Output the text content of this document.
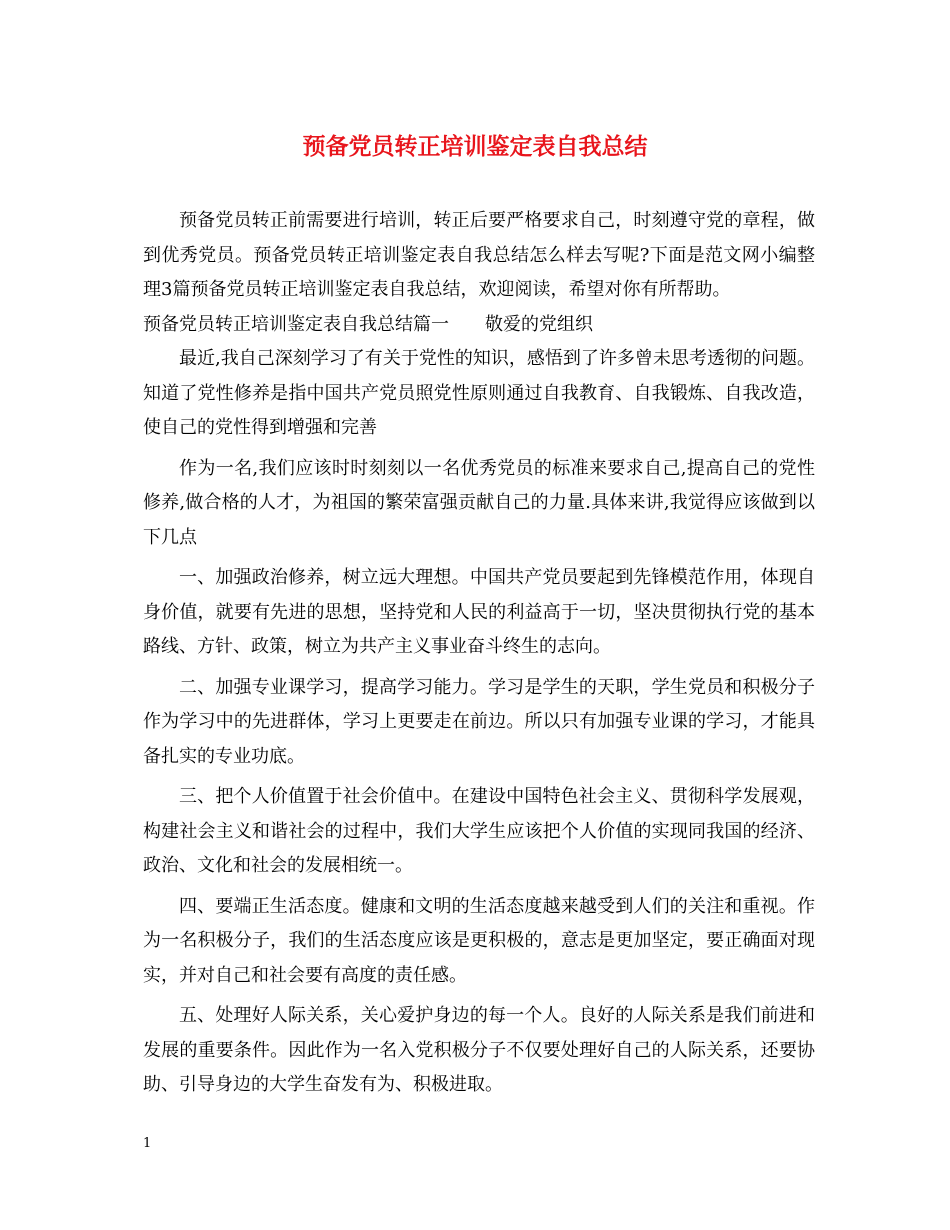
预备党员转正培训鉴定表自我总结

预备党员转正前需要进行培训，转正后要严格要求自己，时刻遵守党的章程，做到优秀党员。预备党员转正培训鉴定表自我总结怎么样去写呢?下面是范文网小编整理3篇预备党员转正培训鉴定表自我总结，欢迎阅读，希望对你有所帮助。

预备党员转正培训鉴定表自我总结篇一 敬爱的党组织

最近,我自己深刻学习了有关于党性的知识，感悟到了许多曾未思考透彻的问题。知道了党性修养是指中国共产党员照党性原则通过自我教育、自我锻炼、自我改造，使自己的党性得到增强和完善

作为一名,我们应该时时刻刻以一名优秀党员的标准来要求自己,提高自己的党性修养,做合格的人才，为祖国的繁荣富强贡献自己的力量.具体来讲,我觉得应该做到以下几点

一、加强政治修养，树立远大理想。中国共产党员要起到先锋模范作用，体现自身价值，就要有先进的思想，坚持党和人民的利益高于一切，坚决贯彻执行党的基本路线、方针、政策，树立为共产主义事业奋斗终生的志向。

二、加强专业课学习，提高学习能力。学习是学生的天职，学生党员和积极分子作为学习中的先进群体，学习上更要走在前边。所以只有加强专业课的学习，才能具备扎实的专业功底。

三、把个人价值置于社会价值中。在建设中国特色社会主义、贯彻科学发展观，构建社会主义和谐社会的过程中，我们大学生应该把个人价值的实现同我国的经济、政治、文化和社会的发展相统一。

四、要端正生活态度。健康和文明的生活态度越来越受到人们的关注和重视。作为一名积极分子，我们的生活态度应该是更积极的，意志是更加坚定，要正确面对现实，并对自己和社会要有高度的责任感。

五、处理好人际关系，关心爱护身边的每一个人。良好的人际关系是我们前进和发展的重要条件。因此作为一名入党积极分子不仅要处理好自己的人际关系，还要协助、引导身边的大学生奋发有为、积极进取。

1
